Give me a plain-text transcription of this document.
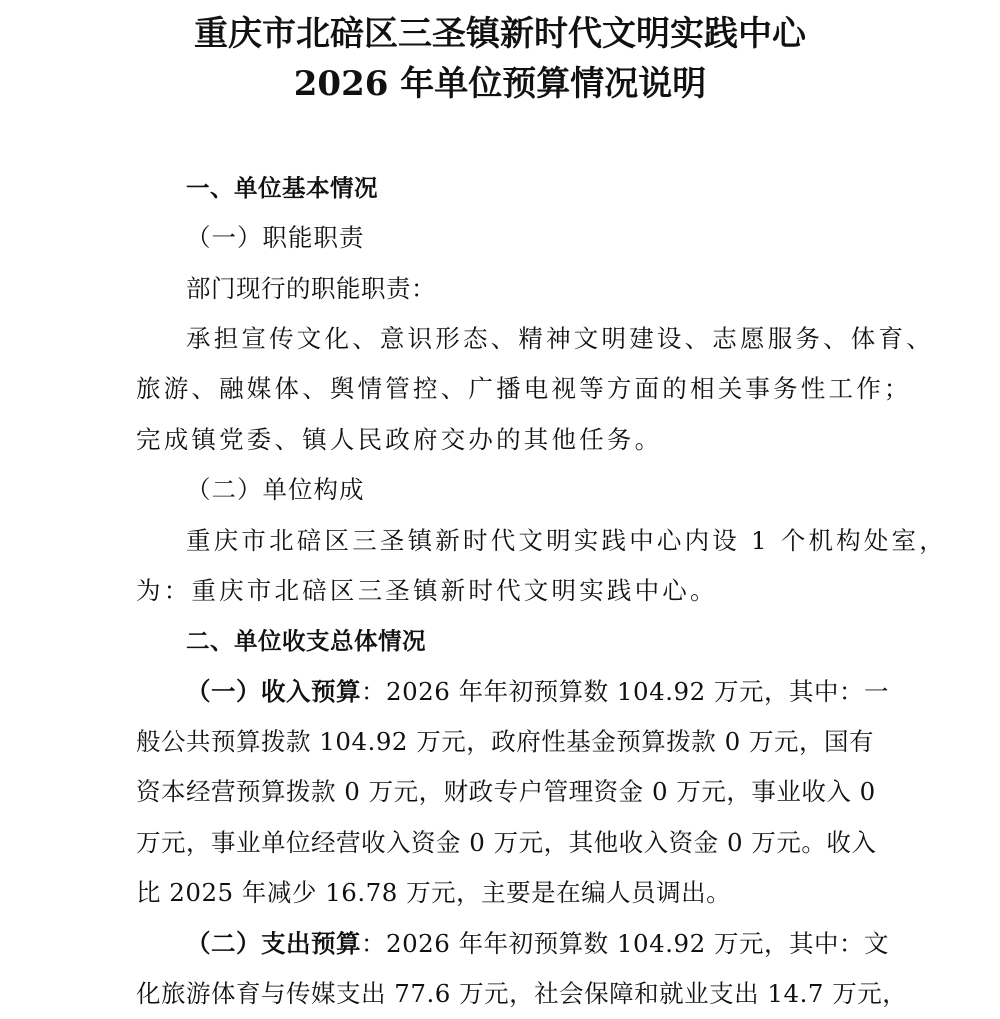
重庆市北碚区三圣镇新时代文明实践中心
2026 年单位预算情况说明
一、单位基本情况
（一）职能职责
部门现行的职能职责：
承担宣传文化、意识形态、精神文明建设、志愿服务、体育、
旅游、融媒体、舆情管控、广播电视等方面的相关事务性工作；
完成镇党委、镇人民政府交办的其他任务。
（二）单位构成
重庆市北碚区三圣镇新时代文明实践中心内设 1 个机构处室，
为：重庆市北碚区三圣镇新时代文明实践中心。
二、单位收支总体情况
（一）收入预算：2026 年年初预算数 104.92 万元，其中：一
般公共预算拨款 104.92 万元，政府性基金预算拨款 0 万元，国有
资本经营预算拨款 0 万元，财政专户管理资金 0 万元，事业收入 0
万元，事业单位经营收入资金 0 万元，其他收入资金 0 万元。收入
比 2025 年减少 16.78 万元，主要是在编人员调出。
（二）支出预算：2026 年年初预算数 104.92 万元，其中：文
化旅游体育与传媒支出 77.6 万元，社会保障和就业支出 14.7 万元，
